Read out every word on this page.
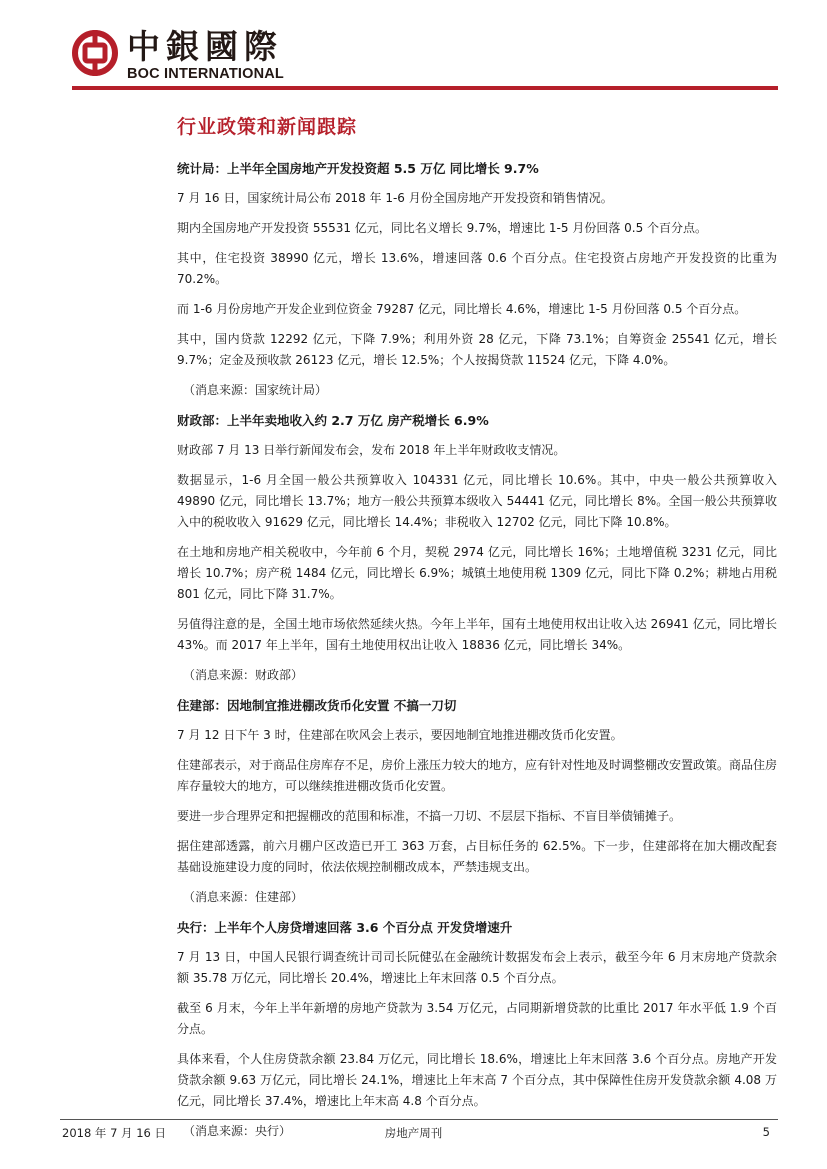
中銀國際
BOC INTERNATIONAL
行业政策和新闻跟踪

统计局：上半年全国房地产开发投资超 5.5 万亿 同比增长 9.7%

7 月 16 日，国家统计局公布 2018 年 1-6 月份全国房地产开发投资和销售情况。

期内全国房地产开发投资 55531 亿元，同比名义增长 9.7%，增速比 1-5 月份回落 0.5 个百分点。

其中，住宅投资 38990 亿元，增长 13.6%，增速回落 0.6 个百分点。住宅投资占房地产开发投资的比重为 70.2%。

而 1-6 月份房地产开发企业到位资金 79287 亿元，同比增长 4.6%，增速比 1-5 月份回落 0.5 个百分点。

其中，国内贷款 12292 亿元，下降 7.9%；利用外资 28 亿元，下降 73.1%；自筹资金 25541 亿元，增长 9.7%；定金及预收款 26123 亿元，增长 12.5%；个人按揭贷款 11524 亿元，下降 4.0%。

（消息来源：国家统计局）

财政部：上半年卖地收入约 2.7 万亿 房产税增长 6.9%

财政部 7 月 13 日举行新闻发布会，发布 2018 年上半年财政收支情况。

数据显示，1-6 月全国一般公共预算收入 104331 亿元，同比增长 10.6%。其中，中央一般公共预算收入 49890 亿元，同比增长 13.7%；地方一般公共预算本级收入 54441 亿元，同比增长 8%。全国一般公共预算收入中的税收收入 91629 亿元，同比增长 14.4%；非税收入 12702 亿元，同比下降 10.8%。

在土地和房地产相关税收中，今年前 6 个月，契税 2974 亿元，同比增长 16%；土地增值税 3231 亿元，同比增长 10.7%；房产税 1484 亿元，同比增长 6.9%；城镇土地使用税 1309 亿元，同比下降 0.2%；耕地占用税 801 亿元，同比下降 31.7%。

另值得注意的是，全国土地市场依然延续火热。今年上半年，国有土地使用权出让收入达 26941 亿元，同比增长 43%。而 2017 年上半年，国有土地使用权出让收入 18836 亿元，同比增长 34%。

（消息来源：财政部）

住建部：因地制宜推进棚改货币化安置 不搞一刀切

7 月 12 日下午 3 时，住建部在吹风会上表示，要因地制宜地推进棚改货币化安置。

住建部表示，对于商品住房库存不足，房价上涨压力较大的地方，应有针对性地及时调整棚改安置政策。商品住房库存量较大的地方，可以继续推进棚改货币化安置。

要进一步合理界定和把握棚改的范围和标准，不搞一刀切、不层层下指标、不盲目举债铺摊子。

据住建部透露，前六月棚户区改造已开工 363 万套，占目标任务的 62.5%。下一步，住建部将在加大棚改配套基础设施建设力度的同时，依法依规控制棚改成本，严禁违规支出。

（消息来源：住建部）

央行：上半年个人房贷增速回落 3.6 个百分点 开发贷增速升

7 月 13 日，中国人民银行调查统计司司长阮健弘在金融统计数据发布会上表示，截至今年 6 月末房地产贷款余额 35.78 万亿元，同比增长 20.4%，增速比上年末回落 0.5 个百分点。

截至 6 月末，今年上半年新增的房地产贷款为 3.54 万亿元，占同期新增贷款的比重比 2017 年水平低 1.9 个百分点。

具体来看，个人住房贷款余额 23.84 万亿元，同比增长 18.6%，增速比上年末回落 3.6 个百分点。房地产开发贷款余额 9.63 万亿元，同比增长 24.1%，增速比上年末高 7 个百分点，其中保障性住房开发贷款余额 4.08 万亿元，同比增长 37.4%，增速比上年末高 4.8 个百分点。

（消息来源：央行）

2018 年 7 月 16 日	房地产周刊	5
